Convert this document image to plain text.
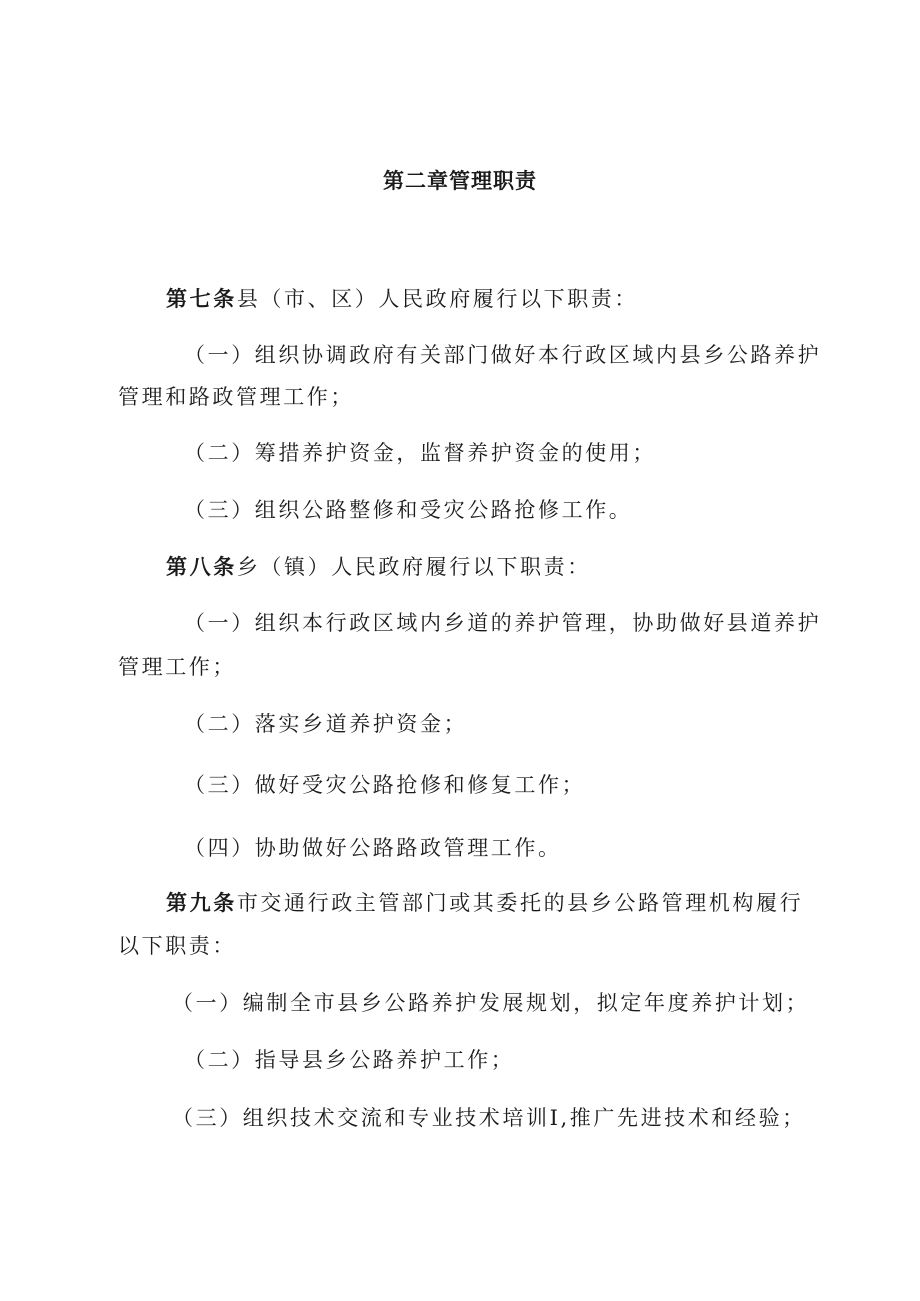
第二章管理职责
第七条县（市、区）人民政府履行以下职责：
（一）组织协调政府有关部门做好本行政区域内县乡公路养护
管理和路政管理工作；
（二）筹措养护资金，监督养护资金的使用；
（三）组织公路整修和受灾公路抢修工作。
第八条乡（镇）人民政府履行以下职责：
（一）组织本行政区域内乡道的养护管理，协助做好县道养护
管理工作；
（二）落实乡道养护资金；
（三）做好受灾公路抢修和修复工作；
（四）协助做好公路路政管理工作。
第九条市交通行政主管部门或其委托的县乡公路管理机构履行
以下职责：
（一）编制全市县乡公路养护发展规划，拟定年度养护计划；
（二）指导县乡公路养护工作；
（三）组织技术交流和专业技术培训I,推广先进技术和经验；
